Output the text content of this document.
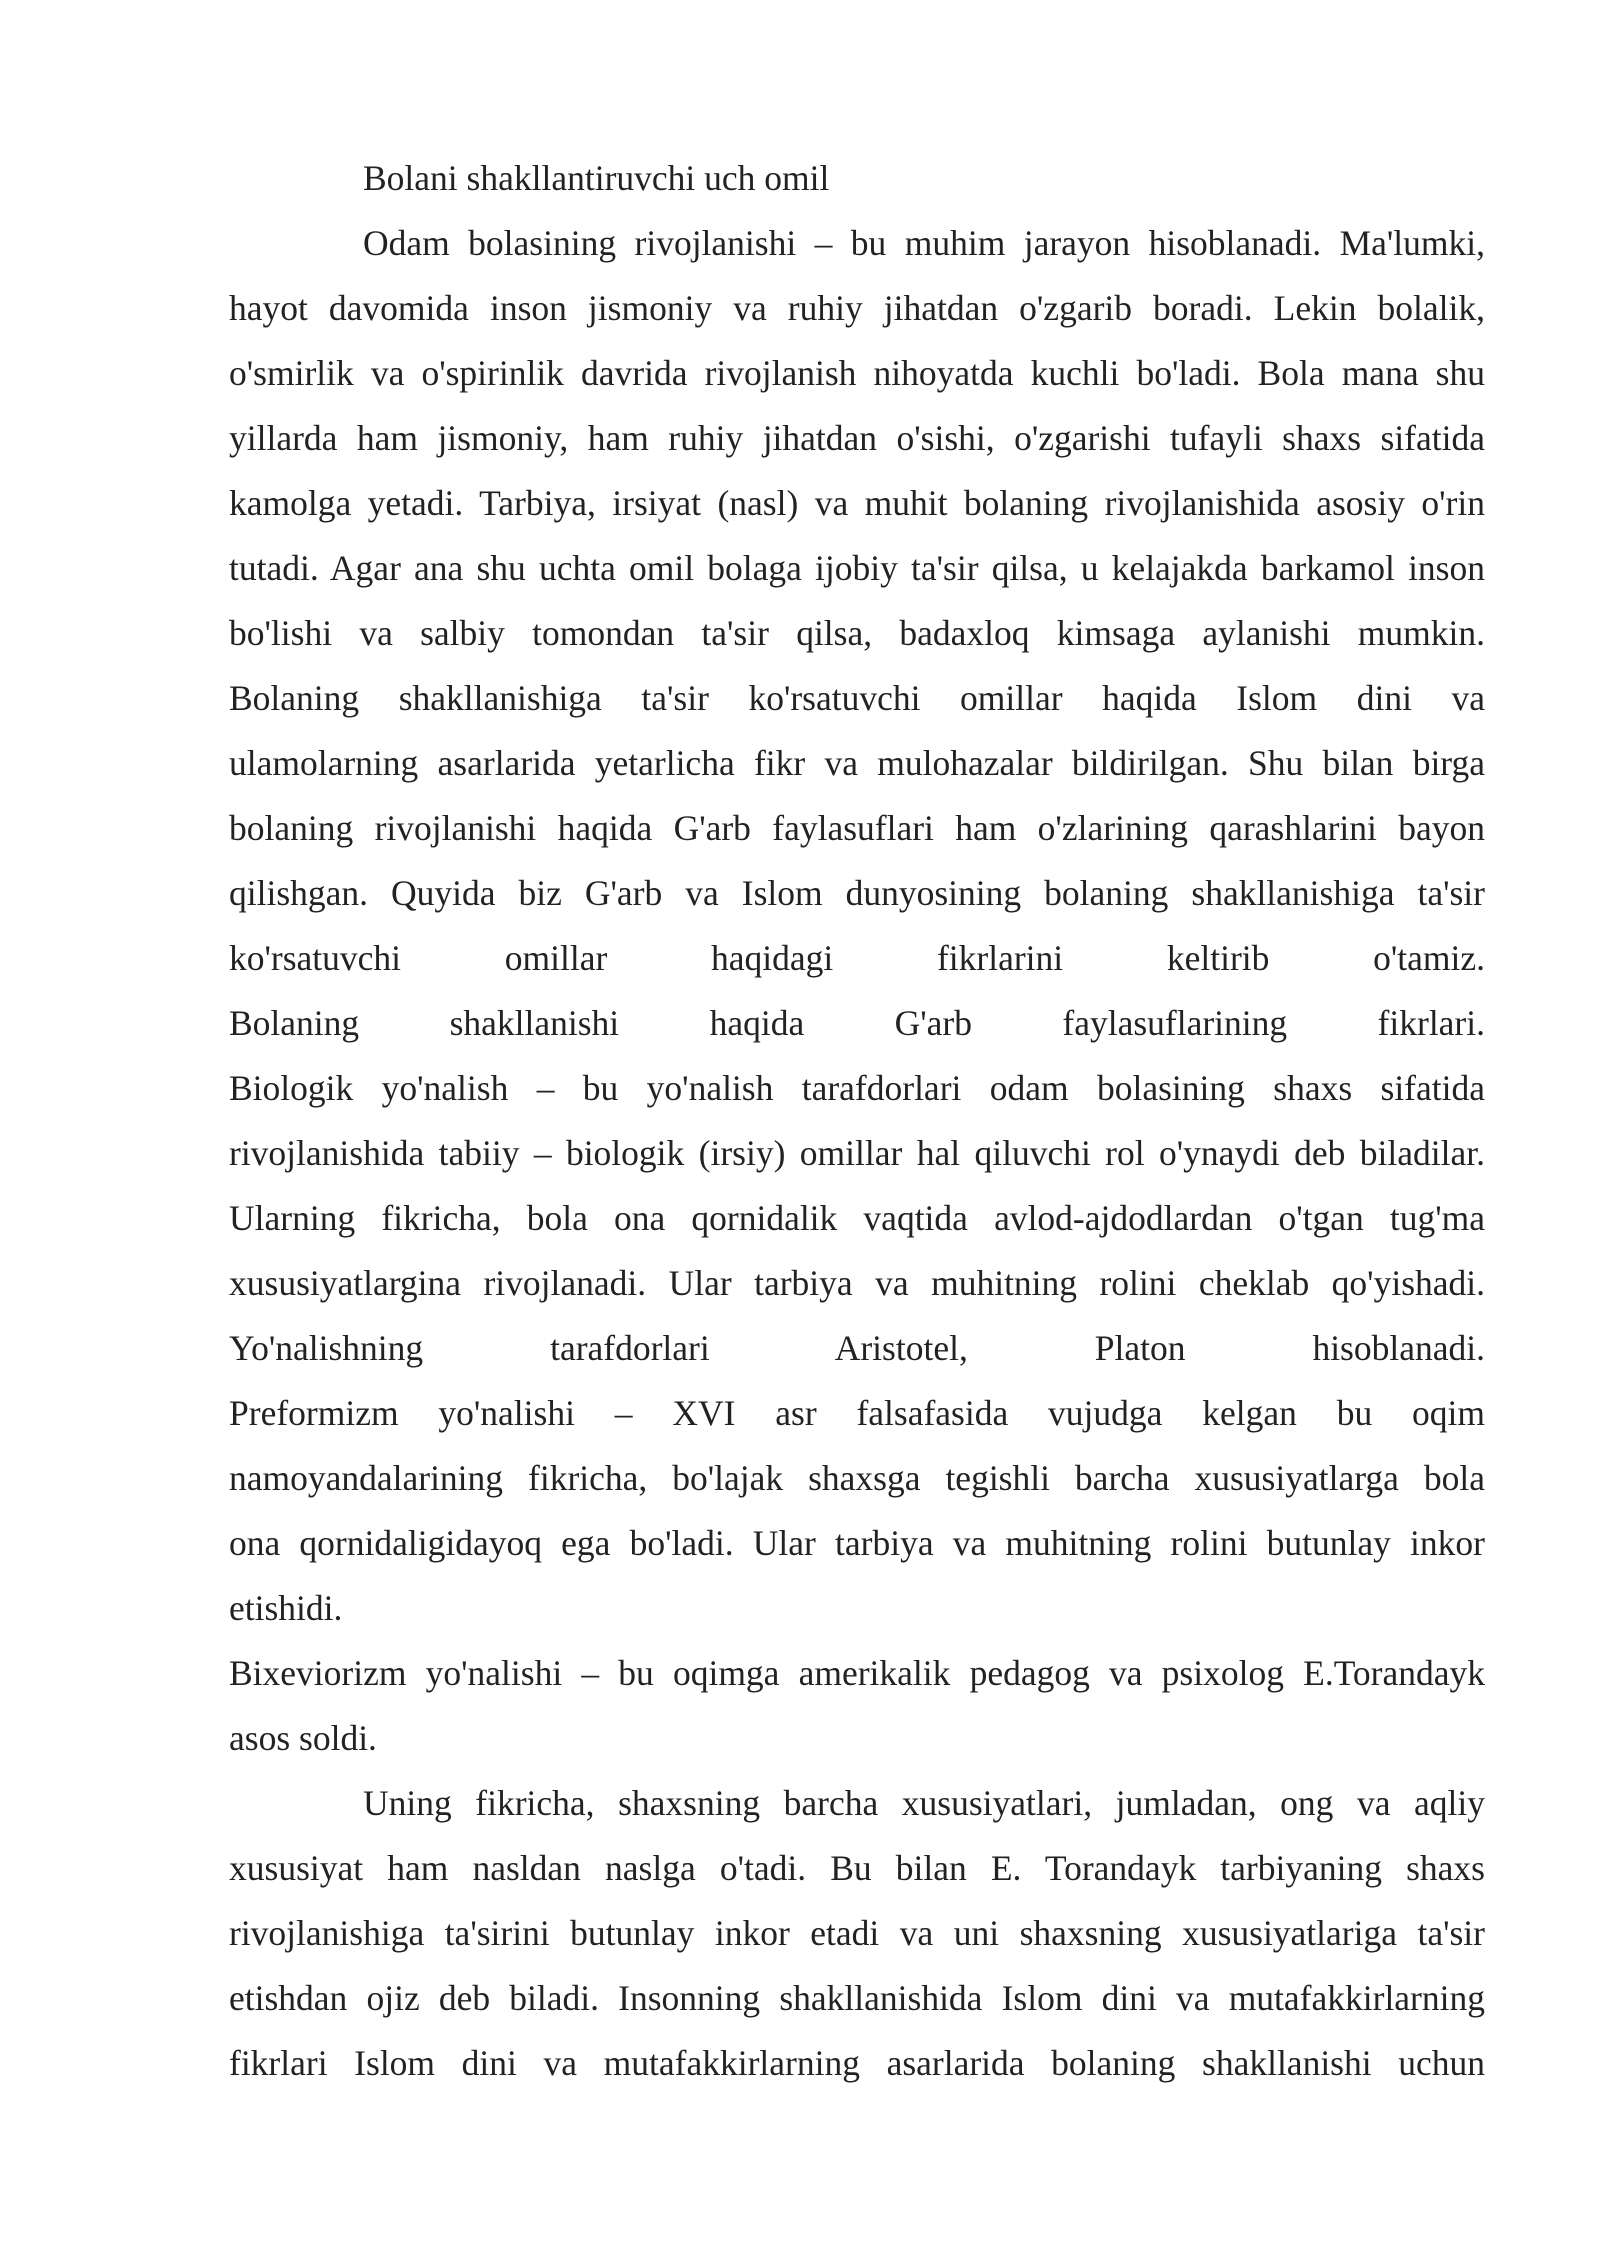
Bolani shakllantiruvchi uch omil
Odam bolasining rivojlanishi – bu muhim jarayon hisoblanadi. Ma'lumki,
hayot davomida inson jismoniy va ruhiy jihatdan o'zgarib boradi. Lekin bolalik,
o'smirlik va o'spirinlik davrida rivojlanish nihoyatda kuchli bo'ladi. Bola mana shu
yillarda ham jismoniy, ham ruhiy jihatdan o'sishi, o'zgarishi tufayli shaxs sifatida
kamolga yetadi. Tarbiya, irsiyat (nasl) va muhit bolaning rivojlanishida asosiy o'rin
tutadi. Agar ana shu uchta omil bolaga ijobiy ta'sir qilsa, u kelajakda barkamol inson
bo'lishi va salbiy tomondan ta'sir qilsa, badaxloq kimsaga aylanishi mumkin.
Bolaning shakllanishiga ta'sir ko'rsatuvchi omillar haqida Islom dini va
ulamolarning asarlarida yetarlicha fikr va mulohazalar bildirilgan. Shu bilan birga
bolaning rivojlanishi haqida G'arb faylasuflari ham o'zlarining qarashlarini bayon
qilishgan. Quyida biz G'arb va Islom dunyosining bolaning shakllanishiga ta'sir
ko'rsatuvchi omillar haqidagi fikrlarini keltirib o'tamiz.
Bolaning shakllanishi haqida G'arb faylasuflarining fikrlari.
Biologik yo'nalish – bu yo'nalish tarafdorlari odam bolasining shaxs sifatida
rivojlanishida tabiiy – biologik (irsiy) omillar hal qiluvchi rol o'ynaydi deb biladilar.
Ularning fikricha, bola ona qornidalik vaqtida avlod-ajdodlardan o'tgan tug'ma
xususiyatlargina rivojlanadi. Ular tarbiya va muhitning rolini cheklab qo'yishadi.
Yo'nalishning tarafdorlari Aristotel, Platon hisoblanadi.
Preformizm yo'nalishi – XVI asr falsafasida vujudga kelgan bu oqim
namoyandalarining fikricha, bo'lajak shaxsga tegishli barcha xususiyatlarga bola
ona qornidaligidayoq ega bo'ladi. Ular tarbiya va muhitning rolini butunlay inkor
etishidi.
Bixeviorizm yo'nalishi – bu oqimga amerikalik pedagog va psixolog E.Torandayk
asos soldi.
Uning fikricha, shaxsning barcha xususiyatlari, jumladan, ong va aqliy
xususiyat ham nasldan naslga o'tadi. Bu bilan E. Torandayk tarbiyaning shaxs
rivojlanishiga ta'sirini butunlay inkor etadi va uni shaxsning xususiyatlariga ta'sir
etishdan ojiz deb biladi. Insonning shakllanishida Islom dini va mutafakkirlarning
fikrlari Islom dini va mutafakkirlarning asarlarida bolaning shakllanishi uchun
